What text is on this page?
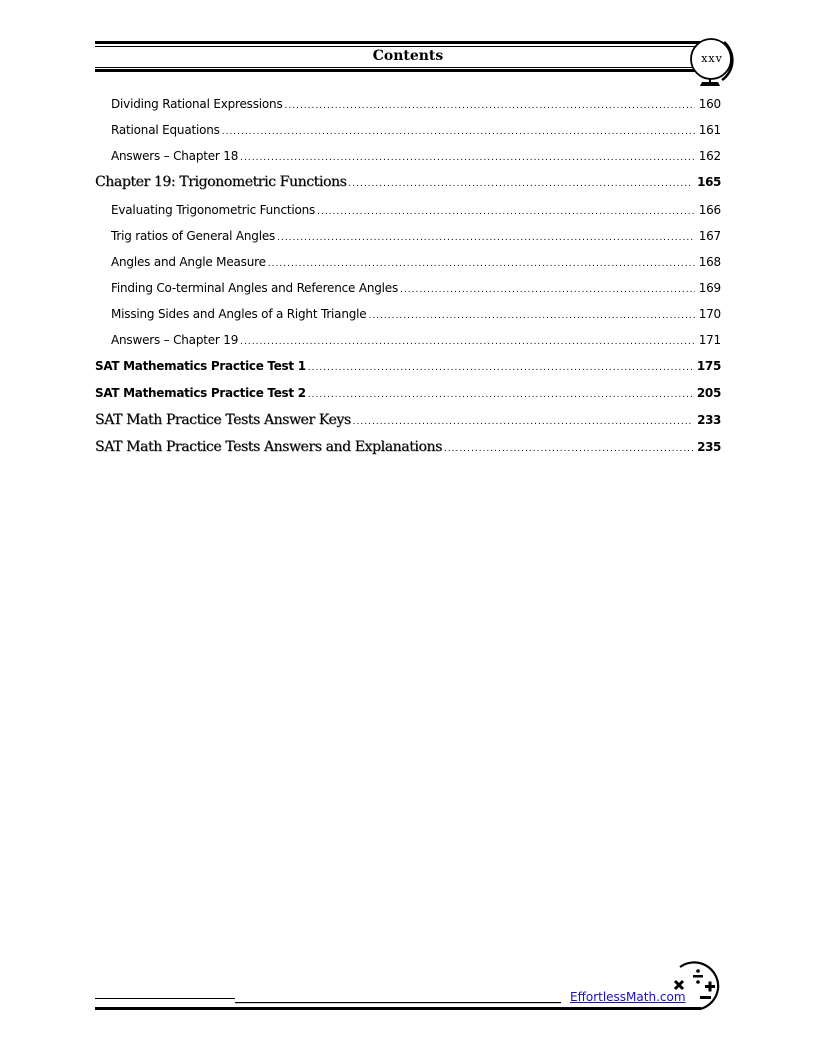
Contents	xxv
Dividing Rational Expressions .....	160
Rational Equations .....	161
Answers – Chapter 18 .....	162
Chapter 19: Trigonometric Functions .....	165
Evaluating Trigonometric Functions .....	166
Trig ratios of General Angles .....	167
Angles and Angle Measure .....	168
Finding Co-terminal Angles and Reference Angles .....	169
Missing Sides and Angles of a Right Triangle .....	170
Answers – Chapter 19 .....	171
SAT Mathematics Practice Test 1 .....	175
SAT Mathematics Practice Test 2 .....	205
SAT Math Practice Tests Answer Keys .....	233
SAT Math Practice Tests Answers and Explanations .....	235
EffortlessMath.com
